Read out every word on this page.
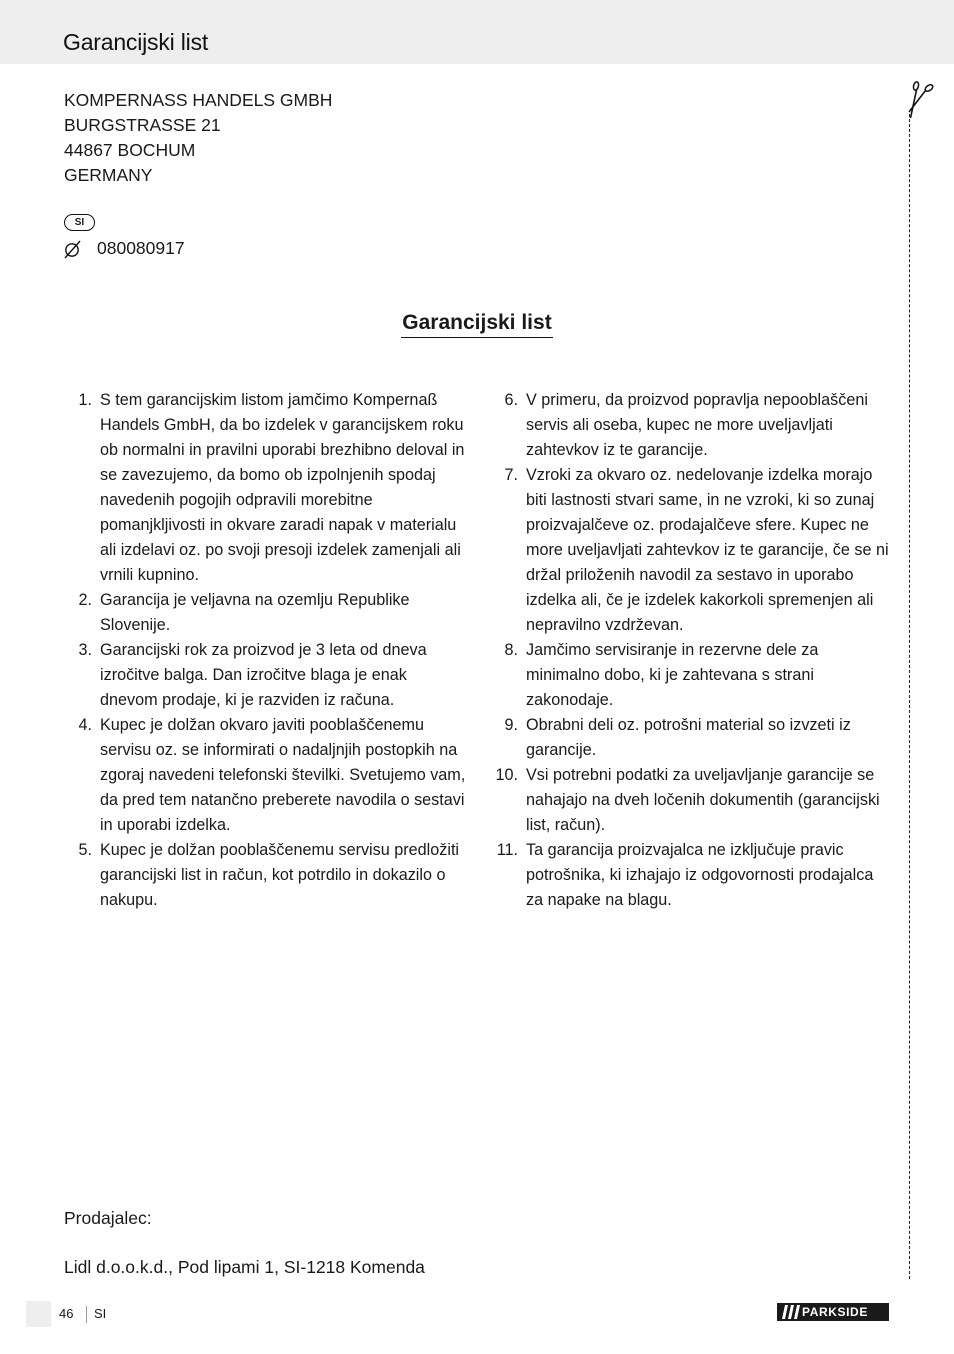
Garancijski list
KOMPERNASS HANDELS GMBH
BURGSTRASSE 21
44867 BOCHUM
GERMANY
SI
080080917
Garancijski list
1. S tem garancijskim listom jamčimo Kompernaß Handels GmbH, da bo izdelek v garancijskem roku ob normalni in pravilni uporabi brezhibno deloval in se zavezujemo, da bomo ob izpolnjenih spodaj navedenih pogojih odpravili morebitne pomanjkljivosti in okvare zaradi napak v materialu ali izdelavi oz. po svoji presoji izdelek zamenjali ali vrnili kupnino.
2. Garancija je veljavna na ozemlju Republike Slovenije.
3. Garancijski rok za proizvod je 3 leta od dneva izročitve balga. Dan izročitve blaga je enak dnevom prodaje, ki je razviden iz računa.
4. Kupec je dolžan okvaro javiti pooblaščenemu servisu oz. se informirati o nadaljnjih postopkih na zgoraj navedeni telefonski številki. Svetujemo vam, da pred tem natančno preberete navodila o sestavi in uporabi izdelka.
5. Kupec je dolžan pooblaščenemu servisu predložiti garancijski list in račun, kot potrdilo in dokazilo o nakupu.
6. V primeru, da proizvod popravlja nepooblaščeni servis ali oseba, kupec ne more uveljavljati zahtevkov iz te garancije.
7. Vzroki za okvaro oz. nedelovanje izdelka morajo biti lastnosti stvari same, in ne vzroki, ki so zunaj proizvajalčeve oz. prodajalčeve sfere. Kupec ne more uveljavljati zahtevkov iz te garancije, če se ni držal priloženih navodil za sestavo in uporabo izdelka ali, če je izdelek kakorkoli spremenjen ali nepravilno vzdrževan.
8. Jamčimo servisiranje in rezervne dele za minimalno dobo, ki je zahtevana s strani zakonodaje.
9. Obrabni deli oz. potrošni material so izvzeti iz garancije.
10. Vsi potrebni podatki za uveljavljanje garancije se nahajajo na dveh ločenih dokumentih (garancijski list, račun).
11. Ta garancija proizvajalca ne izključuje pravic potrošnika, ki izhajajo iz odgovornosti prodajalca za napake na blagu.
Prodajalec:
Lidl d.o.o.k.d., Pod lipami 1, SI-1218 Komenda
46 SI	PARKSIDE
